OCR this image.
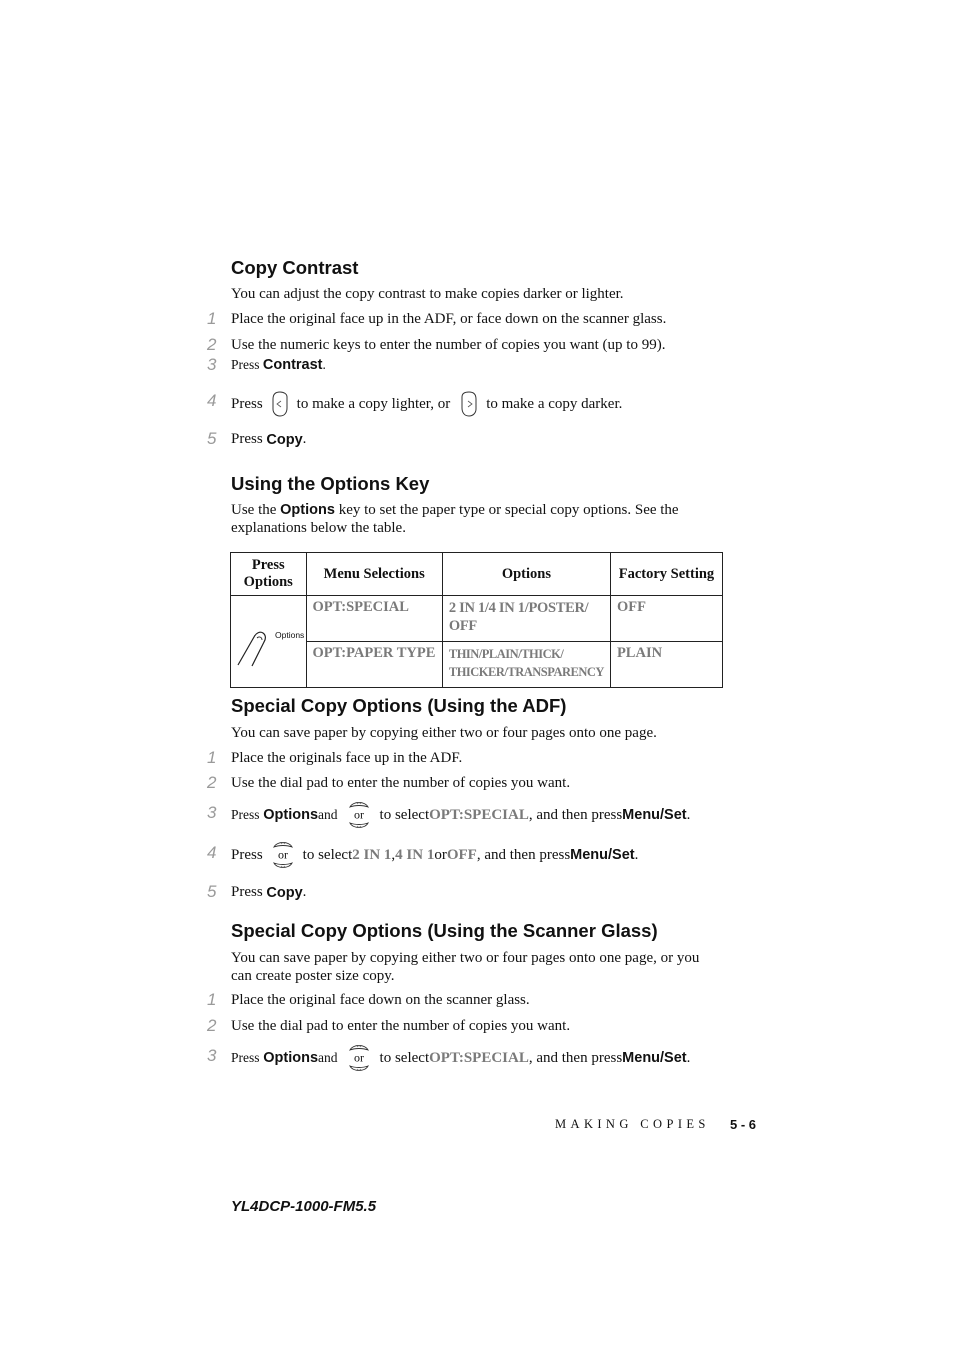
Copy Contrast

You can adjust the copy contrast to make copies darker or lighter.

1 Place the original face up in the ADF, or face down on the scanner glass.
2 Use the numeric keys to enter the number of copies you want (up to 99).
3 Press
Contrast .
4 Press to make a copy lighter, or to make a copy darker.
5 Press
Copy .
Using the Options Key

Use the Options key to set the paper type or special copy options. See the explanations below the table.

Press Options	Menu Selections	Options	Factory Setting

Options	OPT:SPECIAL	2 IN 1/4 IN 1/POSTER/
OFF	OFF
	OPT:PAPER TYPE	THIN/PLAIN/THICK/
THICKER/TRANSPARENCY	PLAIN
Special Copy Options (Using the ADF)

You can save paper by copying either two or four pages onto one page.

1 Place the originals face up in the ADF.
2 Use the dial pad to enter the number of copies you want.
3 Press
Options and or to select OPT:SPECIAL , and then press Menu/Set .
4 Press or to select 2 IN 1 , 4 IN 1 or OFF , and then press Menu/Set .
5 Press
Copy .
Special Copy Options (Using the Scanner Glass)

You can save paper by copying either two or four pages onto one page, or you can create poster size copy.

1 Place the original face down on the scanner glass.
2 Use the dial pad to enter the number of copies you want.
3 Press
Options and or to select OPT:SPECIAL , and then press Menu/Set .
MAKING COPIES 5 - 6
YL4DCP-1000-FM5.5
